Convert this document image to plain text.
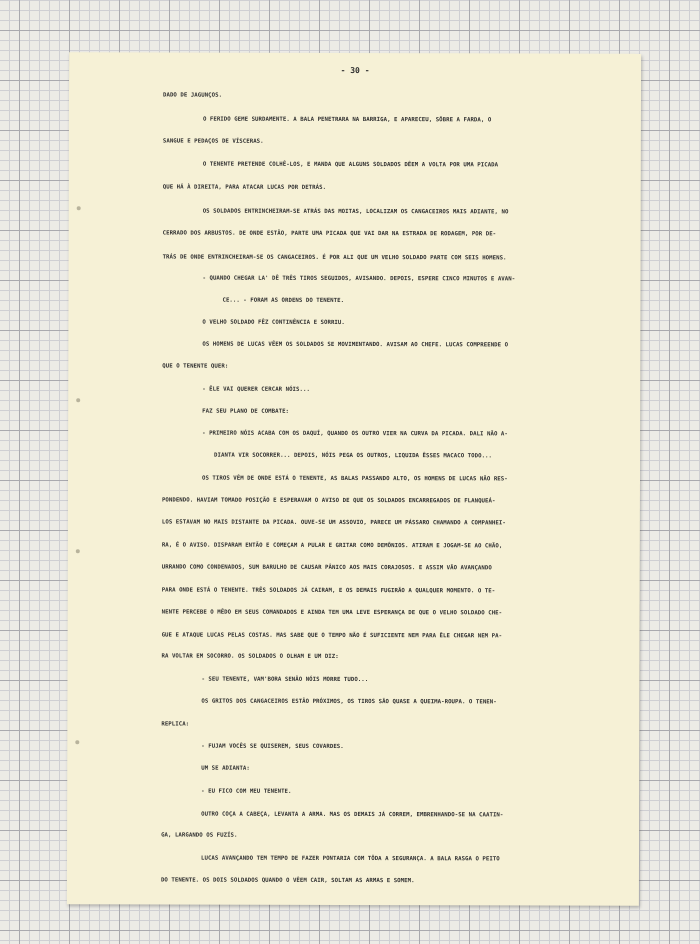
- 30 -
DADO DE JAGUNÇOS.
O FERIDO GEME SURDAMENTE. A BALA PENETRARA NA BARRIGA, E APARECEU, SÔBRE A FARDA, O
SANGUE E PEDAÇOS DE VÍSCERAS.
O TENENTE PRETENDE COLHÊ-LOS, E MANDA QUE ALGUNS SOLDADOS DÊEM A VOLTA POR UMA PICADA
QUE HÁ À DIREITA, PARA ATACAR LUCAS POR DETRÁS.
OS SOLDADOS ENTRINCHEIRAM-SE ATRÁS DAS MOITAS, LOCALIZAM OS CANGACEIROS MAIS ADIANTE, NO
CERRADO DOS ARBUSTOS. DE ONDE ESTÃO, PARTE UMA PICADA QUE VAI DAR NA ESTRADA DE RODAGEM, POR DE-
TRÁS DE ONDE ENTRINCHEIRAM-SE OS CANGACEIROS. É POR ALI QUE UM VELHO SOLDADO PARTE COM SEIS HOMENS.
- QUANDO CHEGAR LA' DÊ TRÊS TIROS SEGUIDOS, AVISANDO. DEPOIS, ESPERE CINCO MINUTOS E AVAN-
CE... - FORAM AS ORDENS DO TENENTE.
O VELHO SOLDADO FÊZ CONTINÊNCIA E SORRIU.
OS HOMENS DE LUCAS VÊEM OS SOLDADOS SE MOVIMENTANDO. AVISAM AO CHEFE. LUCAS COMPREENDE O
QUE O TENENTE QUER:
- ÊLE VAI QUERER CERCAR NÓIS...
FAZ SEU PLANO DE COMBATE:
- PRIMEIRO NÓIS ACABA COM OS DAQUÍ, QUANDO OS OUTRO VIER NA CURVA DA PICADA. DALI NÃO A-
DIANTA VIR SOCORRER... DEPOIS, NÓIS PEGA OS OUTROS, LIQUIDA ÊSSES MACACO TODO...
OS TIROS VÊM DE ONDE ESTÁ O TENENTE, AS BALAS PASSANDO ALTO, OS HOMENS DE LUCAS NÃO RES-
PONDENDO. HAVIAM TOMADO POSIÇÃO E ESPERAVAM O AVISO DE QUE OS SOLDADOS ENCARREGADOS DE FLANQUEÁ-
LOS ESTAVAM NO MAIS DISTANTE DA PICADA. OUVE-SE UM ASSOVIO, PARECE UM PÁSSARO CHAMANDO A COMPANHEI-
RA, É O AVISO. DISPARAM ENTÃO E COMEÇAM A PULAR E GRITAR COMO DEMÔNIOS. ATIRAM E JOGAM-SE AO CHÃO,
URRANDO COMO CONDENADOS, SUM BARULHO DE CAUSAR PÂNICO AOS MAIS CORAJOSOS. E ASSIM VÃO AVANÇANDO
PARA ONDE ESTÁ O TENENTE. TRÊS SOLDADOS JÁ CAIRAM, E OS DEMAIS FUGIRÃO A QUALQUER MOMENTO. O TE-
NENTE PERCEBE O MÊDO EM SEUS COMANDADOS E AINDA TEM UMA LEVE ESPERANÇA DE QUE O VELHO SOLDADO CHE-
GUE E ATAQUE LUCAS PELAS COSTAS. MAS SABE QUE O TEMPO NÃO É SUFICIENTE NEM PARA ÊLE CHEGAR NEM PA-
RA VOLTAR EM SOCORRO. OS SOLDADOS O OLHAM E UM DIZ:
- SEU TENENTE, VAM'BORA SENÃO NÓIS MORRE TUDO...
OS GRITOS DOS CANGACEIROS ESTÃO PRÓXIMOS, OS TIROS SÃO QUASE A QUEIMA-ROUPA. O TENEN-
REPLICA:
- FUJAM VOCÊS SE QUISEREM, SEUS COVARDES.
UM SE ADIANTA:
- EU FICO COM MEU TENENTE.
OUTRO COÇA A CABEÇA, LEVANTA A ARMA. MAS OS DEMAIS JÁ CORREM, EMBRENHANDO-SE NA CAATIN-
GA, LARGANDO OS FUZÍS.
LUCAS AVANÇANDO TEM TEMPO DE FAZER PONTARIA COM TÔDA A SEGURANÇA. A BALA RASGA O PEITO
DO TENENTE. OS DOIS SOLDADOS QUANDO O VÊEM CAIR, SOLTAM AS ARMAS E SOMEM.
